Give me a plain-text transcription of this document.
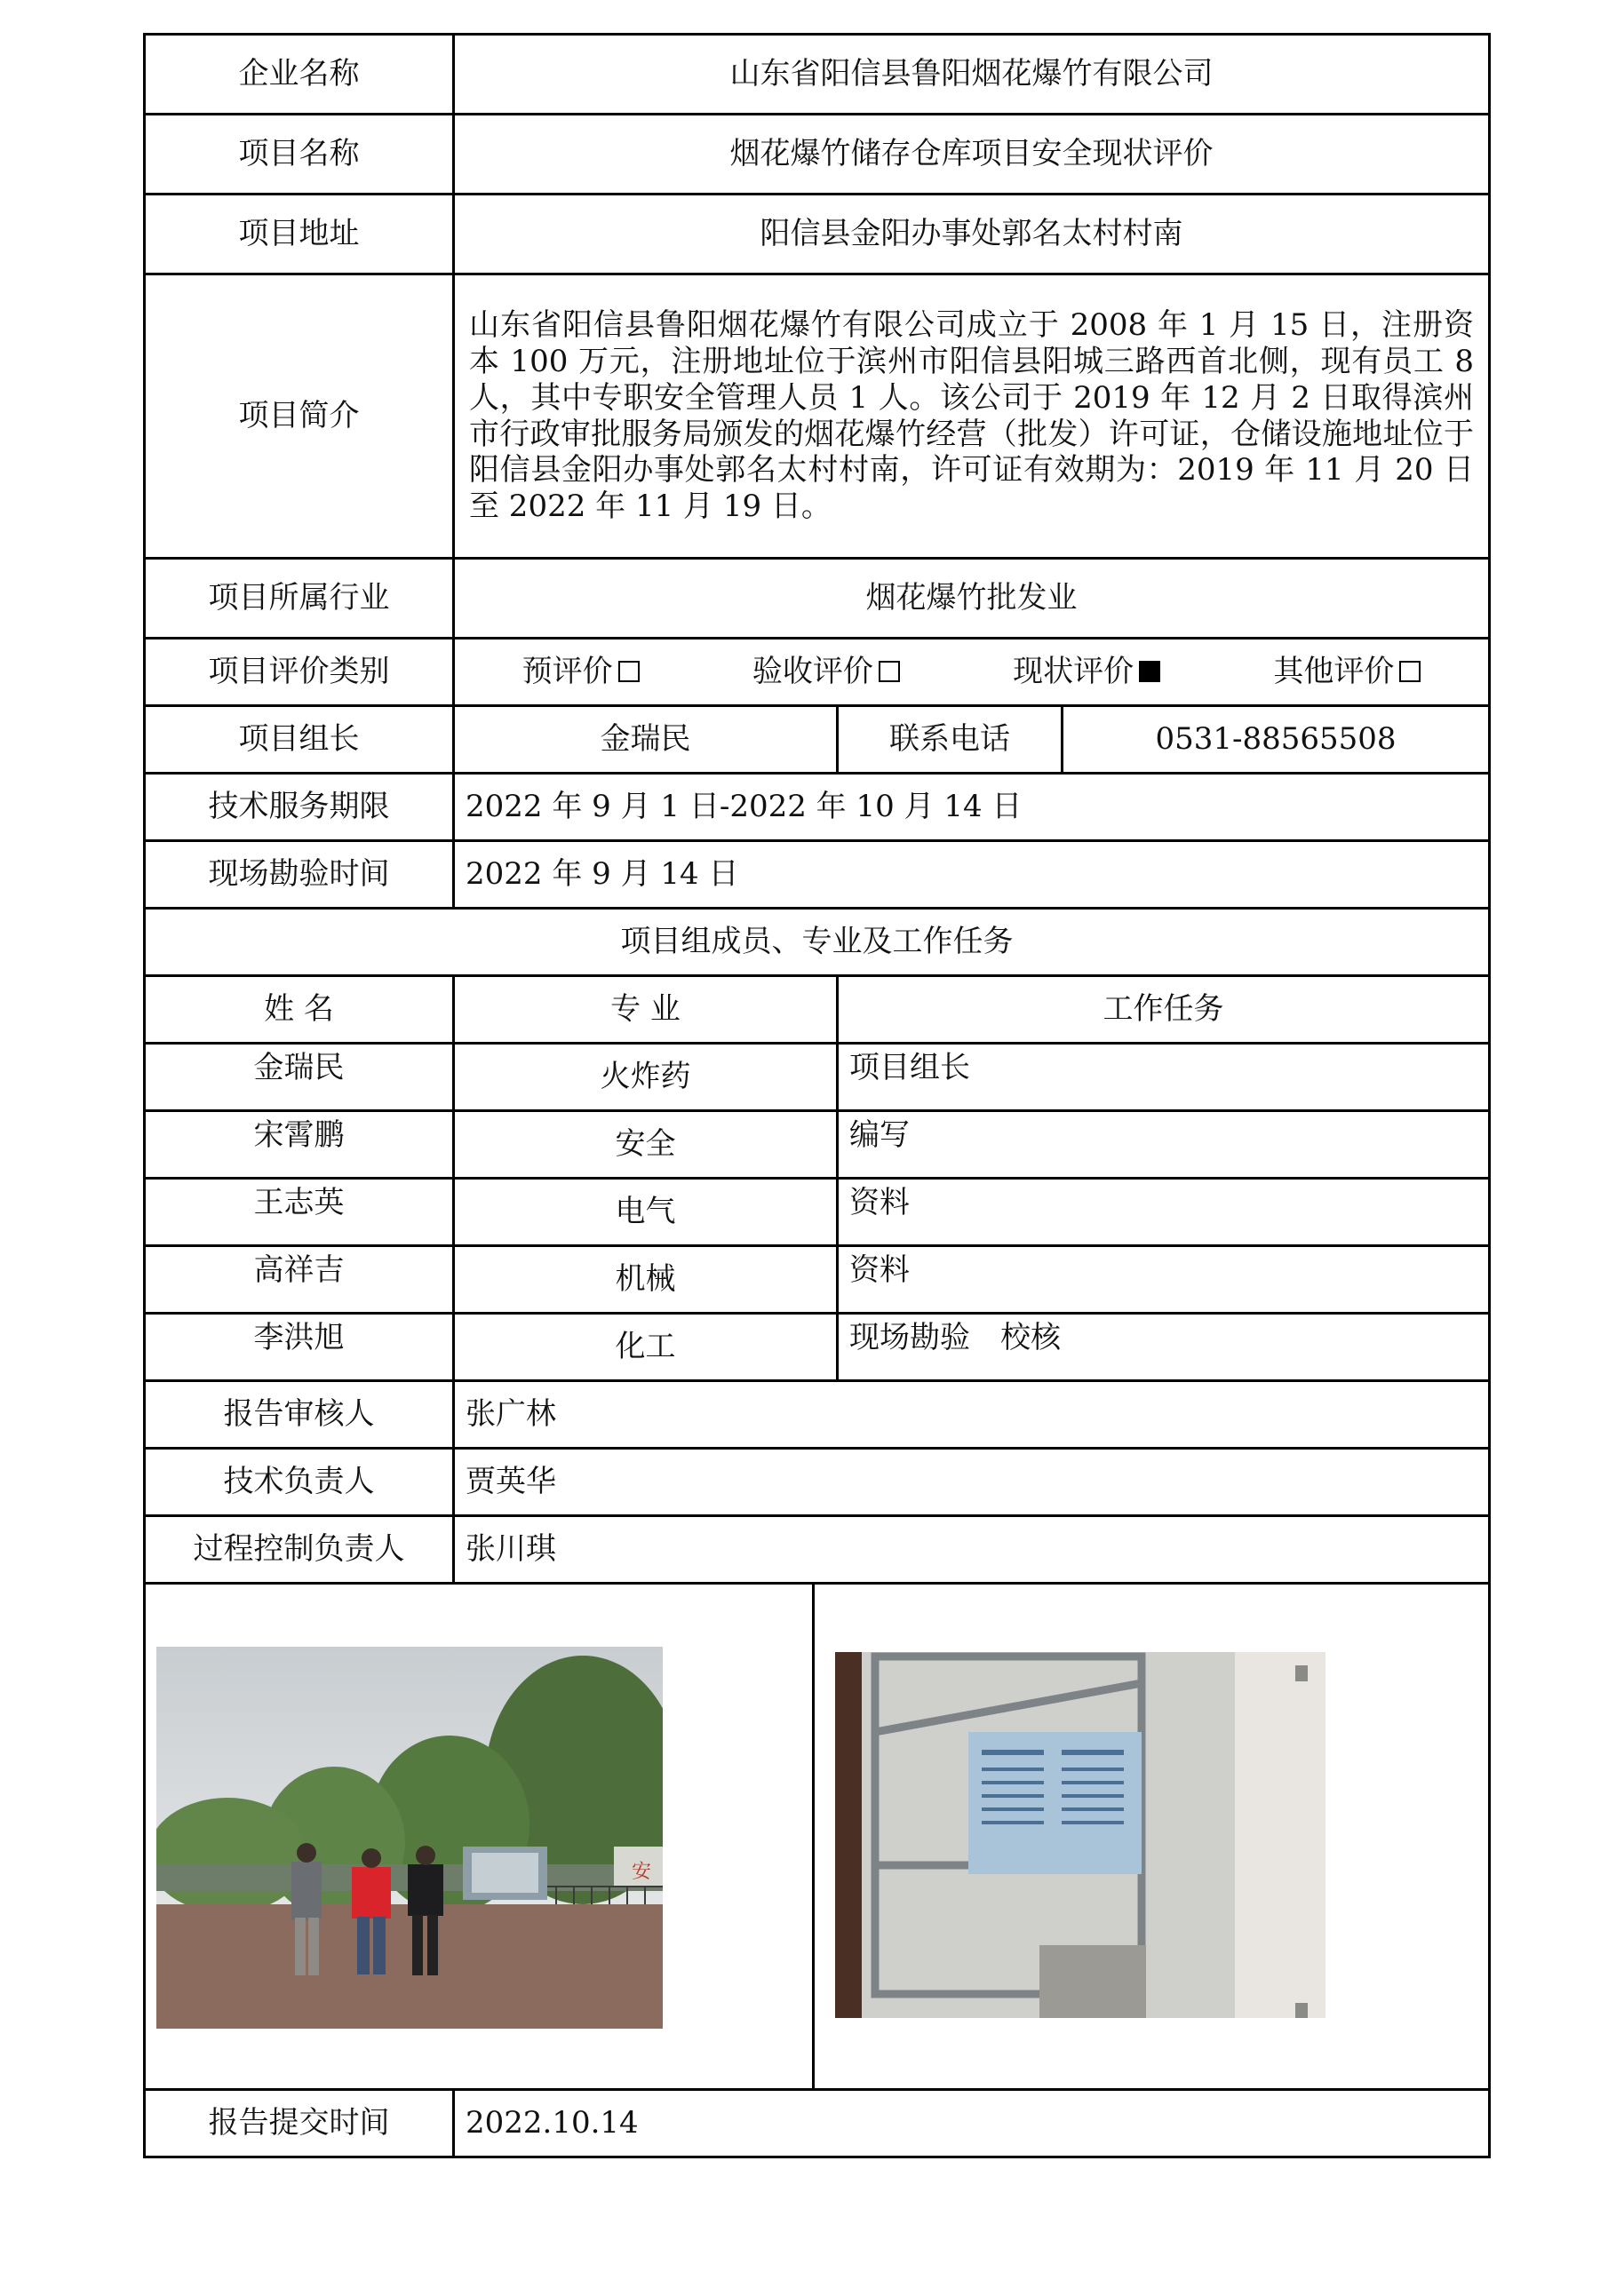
企业名称	山东省阳信县鲁阳烟花爆竹有限公司		
项目名称	烟花爆竹储存仓库项目安全现状评价		
项目地址	阳信县金阳办事处郭名太村村南		
项目简介	山东省阳信县鲁阳烟花爆竹有限公司成立于 2008 年 1 月 15 日，注册资本 100 万元，注册地址位于滨州市阳信县阳城三路西首北侧，现有员工 8 人，其中专职安全管理人员 1 人。该公司于 2019 年 12 月 2 日取得滨州市行政审批服务局颁发的烟花爆竹经营（批发）许可证，仓储设施地址位于阳信县金阳办事处郭名太村村南，许可证有效期为：2019 年 11 月 20 日至 2022 年 11 月 19 日。		
项目所属行业	烟花爆竹批发业		
项目评价类别	预评价 验收评价 现状评价 其他评价		

项目组长	金瑞民	联系电话	0531-88565508
技术服务期限	2022 年 9 月 1 日-2022 年 10 月 14 日		
现场勘验时间	2022 年 9 月 14 日		
项目组成员、专业及工作任务			
姓 名	专 业	工作任务	
金瑞民	火炸药	项目组长	
宋霄鹏	安全	编写	
王志英	电气	资料	
高祥吉	机械	资料	
李洪旭	化工	现场勘验　校核	
报告审核人	张广林		
技术负责人	贾英华		
过程控制负责人	张川琪		

安			

报告提交时间	2022.10.14		
